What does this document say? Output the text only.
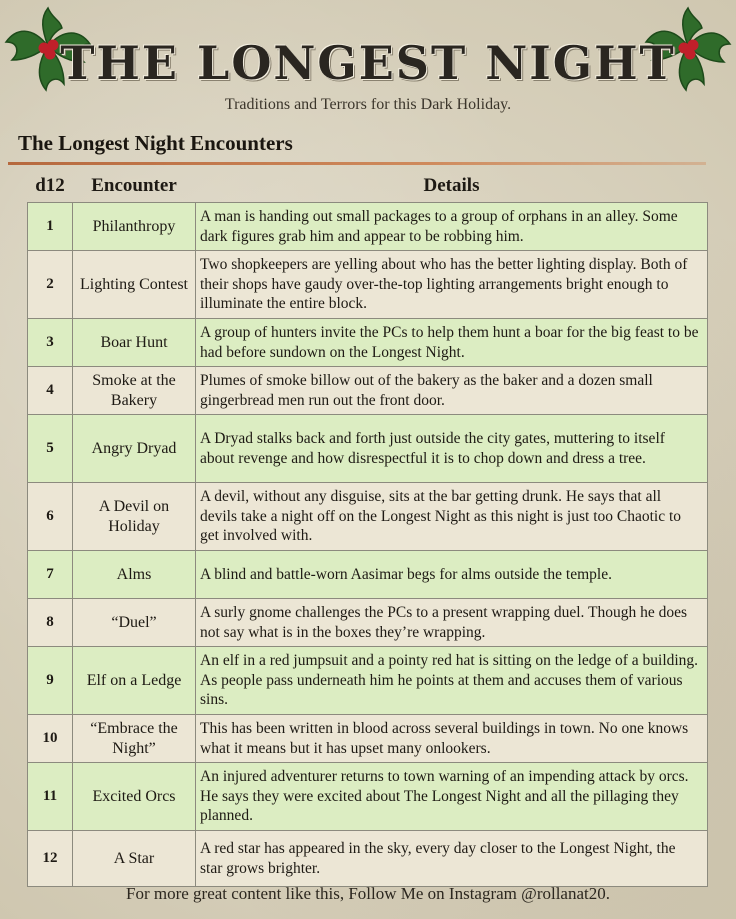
THE LONGEST NIGHT
Traditions and Terrors for this Dark Holiday.
The Longest Night Encounters
d12	Encounter	Details
1	Philanthropy	A man is handing out small packages to a group of orphans in an alley. Some dark figures grab him and appear to be robbing him.
2	Lighting Contest	Two shopkeepers are yelling about who has the better lighting display. Both of their shops have gaudy over-the-top lighting arrangements bright enough to illuminate the entire block.
3	Boar Hunt	A group of hunters invite the PCs to help them hunt a boar for the big feast to be had before sundown on the Longest Night.
4	Smoke at the Bakery	Plumes of smoke billow out of the bakery as the baker and a dozen small gingerbread men run out the front door.
5	Angry Dryad	A Dryad stalks back and forth just outside the city gates, muttering to itself about revenge and how disrespectful it is to chop down and dress a tree.
6	A Devil on Holiday	A devil, without any disguise, sits at the bar getting drunk. He says that all devils take a night off on the Longest Night as this night is just too Chaotic to get involved with.
7	Alms	A blind and battle-worn Aasimar begs for alms outside the temple.
8	“Duel”	A surly gnome challenges the PCs to a present wrapping duel. Though he does not say what is in the boxes they’re wrapping.
9	Elf on a Ledge	An elf in a red jumpsuit and a pointy red hat is sitting on the ledge of a building. As people pass underneath him he points at them and accuses them of various sins.
10	“Embrace the Night”	This has been written in blood across several buildings in town. No one knows what it means but it has upset many onlookers.
11	Excited Orcs	An injured adventurer returns to town warning of an impending attack by orcs. He says they were excited about The Longest Night and all the pillaging they planned.
12	A Star	A red star has appeared in the sky, every day closer to the Longest Night, the star grows brighter.
For more great content like this, Follow Me on Instagram @rollanat20.
